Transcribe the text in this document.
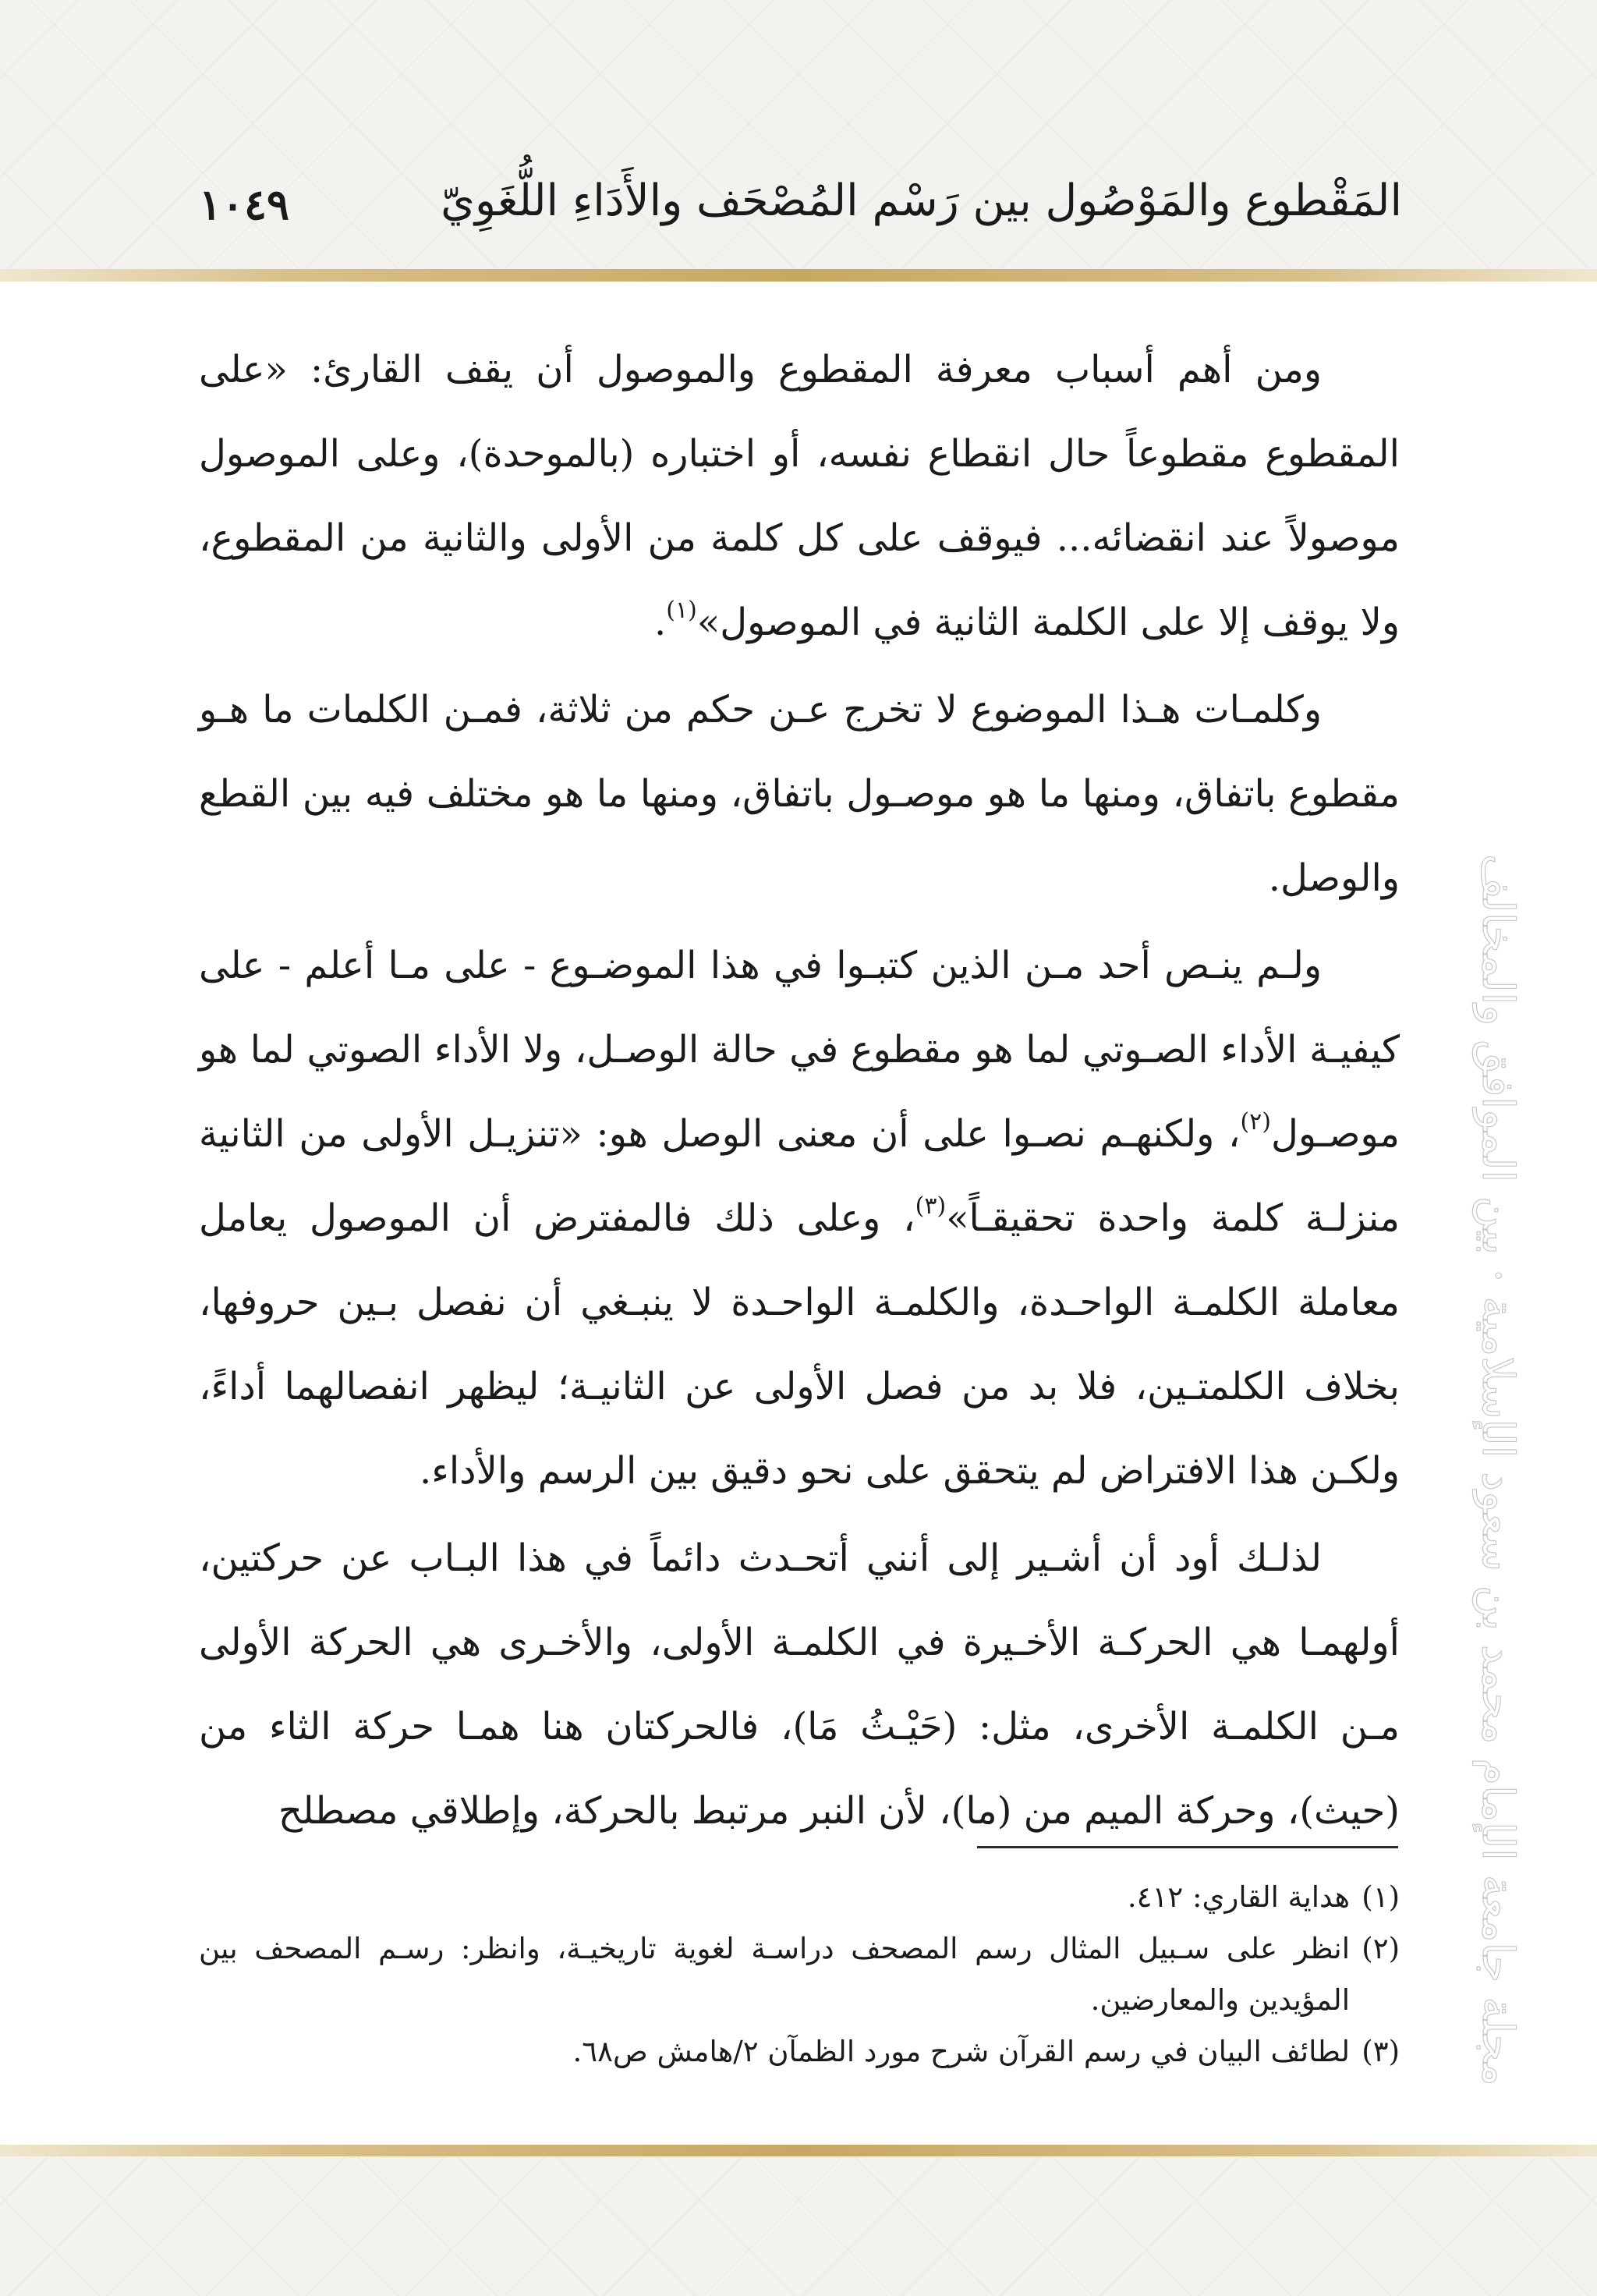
المَقْطوع والمَوْصُول بين رَسْم المُصْحَف والأَدَاءِ اللُّغَوِيّ
١٠٤٩
مجلة جامعة الإمام محمد بن سعود الإسلامية ‏·‏ بين الموافق والمخالف

ومن أهم أسباب معرفة المقطوع والموصول أن يقف القارئ: «على المقطوع مقطوعاً حال انقطاع نفسه، أو اختباره (بالموحدة)، وعلى الموصول موصولاً عند انقضائه... فيوقف على كل كلمة من الأولى والثانية من المقطوع، ولا يوقف إلا على الكلمة الثانية في الموصول»$^{(١)}$.

وكلمـات هـذا الموضوع لا تخرج عـن حكم من ثلاثة، فمـن الكلمات ما هـو مقطوع باتفاق، ومنها ما هو موصـول باتفاق، ومنها ما هو مختلف فيه بين القطع والوصل.

ولـم ينـص أحد مـن الذين كتبـوا في هذا الموضـوع - على مـا أعلم - على كيفيـة الأداء الصـوتي لما هو مقطوع في حالة الوصـل، ولا الأداء الصوتي لما هو موصـول$^{(٢)}$، ولكنهـم نصـوا على أن معنى الوصل هو: «تنزيـل الأولى من الثانية منزلـة كلمة واحدة تحقيقـاً»$^{(٣)}$، وعلى ذلك فالمفترض أن الموصول يعامل معاملة الكلمـة الواحـدة، والكلمـة الواحـدة لا ينبـغي أن نفصل بـين حروفها، بخلاف الكلمتـين، فلا بد من فصل الأولى عن الثانيـة؛ ليظهر انفصالهما أداءً، ولكـن هذا الافتراض لم يتحقق على نحو دقيق بين الرسم والأداء.

لذلـك أود أن أشـير إلى أنني أتحـدث دائماً في هذا البـاب عن حركتين، أولهمـا هي الحركـة الأخـيرة في الكلمـة الأولى، والأخـرى هي الحركة الأولى مـن الكلمـة الأخرى، مثل: (حَيْـثُ مَا)، فالحركتان هنا همـا حركة الثاء من (حيث)، وحركة الميم من (ما)، لأن النبر مرتبط بالحركة، وإطلاقي مصطلح

(١)
هداية القاري: ٤١٢.
(٢)
انظر على سـبيل المثال رسم المصحف دراسـة لغوية تاريخيـة، وانظر: رسـم المصحف بين المؤيدين والمعارضين.
(٣)
لطائف البيان في رسم القرآن شرح مورد الظمآن ٢/هامش ص٦٨.
